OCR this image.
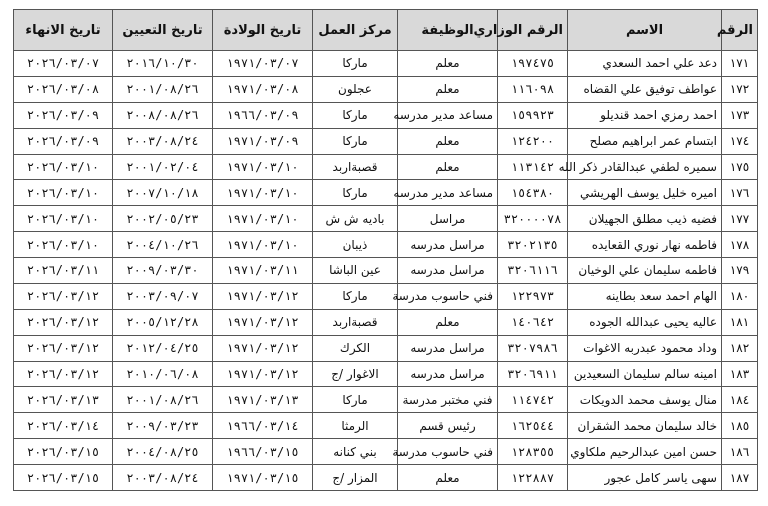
الرقم	الاسم	الرقم الوزاري	الوظيفة	مركز العمل	تاريخ الولادة	تاريخ التعيين	تاريخ الانهاء
١٧١	دعد علي احمد السعدي	١٩٧٤٧٥	معلم	ماركا	١٩٧١/٠٣/٠٧	٢٠١٦/١٠/٣٠	٢٠٢٦/٠٣/٠٧
١٧٢	عواطف توفيق علي القضاه	١١٦٠٩٨	معلم	عجلون	١٩٧١/٠٣/٠٨	٢٠٠١/٠٨/٢٦	٢٠٢٦/٠٣/٠٨
١٧٣	احمد رمزي احمد قنديلو	١٥٩٩٢٣	مساعد مدير مدرسه	ماركا	١٩٦٦/٠٣/٠٩	٢٠٠٨/٠٨/٢٦	٢٠٢٦/٠٣/٠٩
١٧٤	ابتسام عمر ابراهيم مصلح	١٢٤٢٠٠	معلم	ماركا	١٩٧١/٠٣/٠٩	٢٠٠٣/٠٨/٢٤	٢٠٢٦/٠٣/٠٩
١٧٥	سميره لطفي عبدالقادر ذكر الله	١١٣١٤٢	معلم	قصبةاربد	١٩٧١/٠٣/١٠	٢٠٠١/٠٢/٠٤	٢٠٢٦/٠٣/١٠
١٧٦	اميره خليل يوسف الهريشي	١٥٤٣٨٠	مساعد مدير مدرسه	ماركا	١٩٧١/٠٣/١٠	٢٠٠٧/١٠/١٨	٢٠٢٦/٠٣/١٠
١٧٧	فضيه ذيب مطلق الجهيلان	٣٢٠٠٠٠٧٨	مراسل	باديه ش ش	١٩٧١/٠٣/١٠	٢٠٠٢/٠٥/٢٣	٢٠٢٦/٠٣/١٠
١٧٨	فاطمه نهار نوري القعايده	٣٢٠٢١٣٥	مراسل مدرسه	ذيبان	١٩٧١/٠٣/١٠	٢٠٠٤/١٠/٢٦	٢٠٢٦/٠٣/١٠
١٧٩	فاطمه سليمان علي الوخيان	٣٢٠٦١١٦	مراسل مدرسه	عين الباشا	١٩٧١/٠٣/١١	٢٠٠٩/٠٣/٣٠	٢٠٢٦/٠٣/١١
١٨٠	الهام احمد سعد بطاينه	١٢٢٩٧٣	فني حاسوب مدرسة	ماركا	١٩٧١/٠٣/١٢	٢٠٠٣/٠٩/٠٧	٢٠٢٦/٠٣/١٢
١٨١	عاليه يحيى عبدالله الجوده	١٤٠٦٤٢	معلم	قصبةاربد	١٩٧١/٠٣/١٢	٢٠٠٥/١٢/٢٨	٢٠٢٦/٠٣/١٢
١٨٢	وداد محمود عبدربه الاغوات	٣٢٠٧٩٨٦	مراسل مدرسه	الكرك	١٩٧١/٠٣/١٢	٢٠١٢/٠٤/٢٥	٢٠٢٦/٠٣/١٢
١٨٣	امينه سالم سليمان السعيدين	٣٢٠٦٩١١	مراسل مدرسه	الاغوار /ج	١٩٧١/٠٣/١٢	٢٠١٠/٠٦/٠٨	٢٠٢٦/٠٣/١٢
١٨٤	منال يوسف محمد الدويكات	١١٤٧٤٢	فني مختبر مدرسة	ماركا	١٩٧١/٠٣/١٣	٢٠٠١/٠٨/٢٦	٢٠٢٦/٠٣/١٣
١٨٥	خالد سليمان محمد الشقران	١٦٢٥٤٤	رئيس قسم	الرمثا	١٩٦٦/٠٣/١٤	٢٠٠٩/٠٣/٢٣	٢٠٢٦/٠٣/١٤
١٨٦	حسن امين عبدالرحيم ملكاوي	١٢٨٣٥٥	فني حاسوب مدرسة	بني كنانه	١٩٦٦/٠٣/١٥	٢٠٠٤/٠٨/٢٥	٢٠٢٦/٠٣/١٥
١٨٧	سهى ياسر كامل عجور	١٢٢٨٨٧	معلم	المزار /ج	١٩٧١/٠٣/١٥	٢٠٠٣/٠٨/٢٤	٢٠٢٦/٠٣/١٥
